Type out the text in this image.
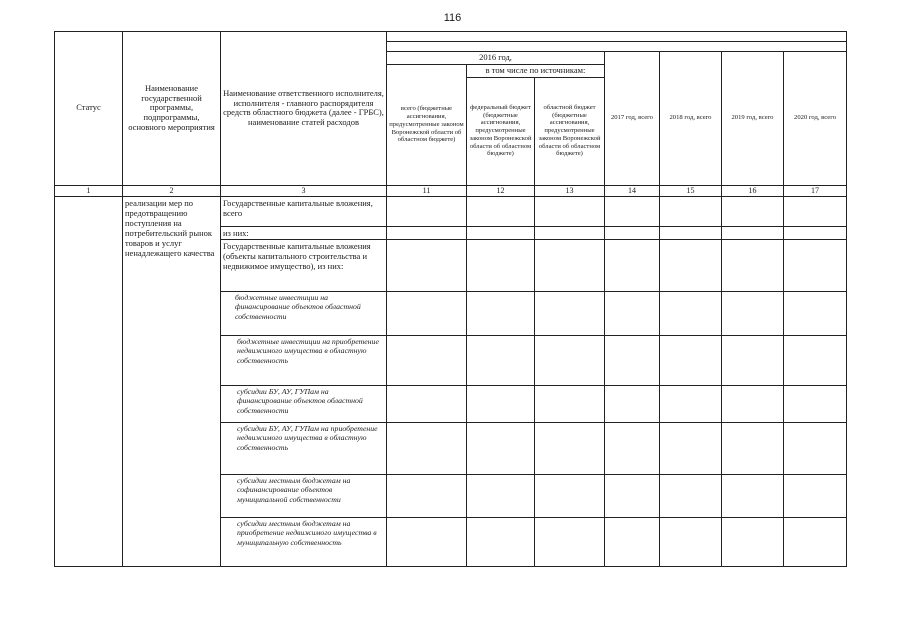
116
Статус	Наименование государственной программы, подпрограммы, основного мероприятия	Наименование ответственного исполнителя, исполнителя - главного распорядителя средств областного бюджета (далее - ГРБС), наименование статей расходов							

			2016 год,			2017 год, всего	2018 год, всего	2019 год, всего	2020 год, всего
			всего (бюджетные ассигнования, предусмотренные законом Воронежской области об областном бюджете)	в том числе по источникам:					
				федеральный бюджет (бюджетные ассигнования, предусмотренные законом Воронежской области об областном бюджете)	областной бюджет (бюджетные ассигнования, предусмотренные законом Воронежской области об областном бюджете)				
1	2	3	11	12	13	14	15	16	17
	реализации мер по предотвращению поступления на потребительский рынок товаров и услуг ненадлежащего качества	Государственные капитальные вложения, всего							
		из них:							
		Государственные капитальные вложения (объекты капитального строительства и недвижимое имущество), из них:							
		бюджетные инвестиции на финансирование объектов областной собственности							
		бюджетные инвестиции на приобретение недвижимого имущества в областную собственность							
		субсидии БУ, АУ, ГУПам на финансирование объектов областной собственности							
		субсидии БУ, АУ, ГУПам на приобретение недвижимого имущества в областную собственность							
		субсидии местным бюджетам на софинансирование объектов муниципальной собственности							
		субсидии местным бюджетам на приобретение недвижимого имущества в муниципальную собственность							
